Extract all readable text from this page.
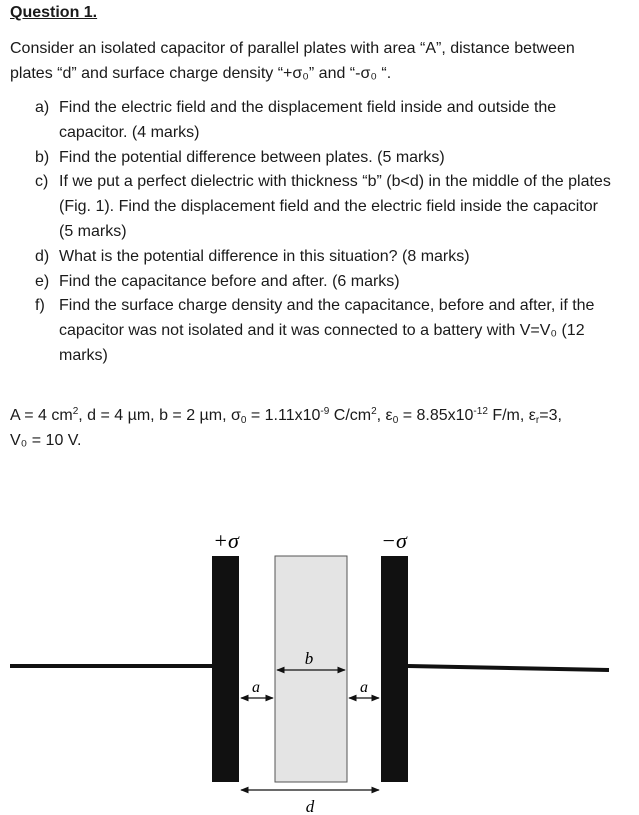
Question 1.
Consider an isolated capacitor of parallel plates with area “A”, distance between plates “d” and surface charge density “+σ₀” and “-σ₀ “.
a) Find the electric field and the displacement field inside and outside the capacitor. (4 marks)
b) Find the potential difference between plates. (5 marks)
c) If we put a perfect dielectric with thickness “b” (b<d) in the middle of the plates (Fig. 1). Find the displacement field and the electric field inside the capacitor (5 marks)
d) What is the potential difference in this situation? (8 marks)
e) Find the capacitance before and after. (6 marks)
f) Find the surface charge density and the capacitance, before and after, if the capacitor was not isolated and it was connected to a battery with V=V₀ (12 marks)
A = 4 $cm^2$, d = 4 µm, b = 2 µm, $\sigma_0 = 1.11x10^{-9}$ $C/cm^2$, $\varepsilon_0 = 8.85x10^{-12}$ F/m, $\varepsilon_r=3$,
V₀ = 10 V.
+σ	−σ
b
a	a
d
